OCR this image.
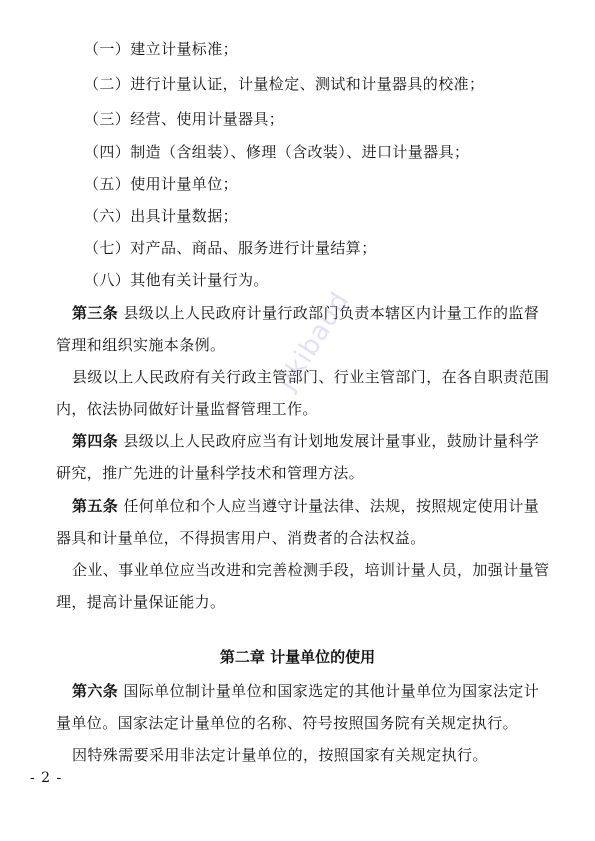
（一）建立计量标准；
（二）进行计量认证，计量检定、测试和计量器具的校准；
（三）经营、使用计量器具；
（四）制造（含组装）、修理（含改装）、进口计量器具；
（五）使用计量单位；
（六）出具计量数据；
（七）对产品、商品、服务进行计量结算；
（八）其他有关计量行为。
第三条 县级以上人民政府计量行政部门负责本辖区内计量工作的监督
管理和组织实施本条例。
县级以上人民政府有关行政主管部门、行业主管部门，在各自职责范围
内，依法协同做好计量监督管理工作。
第四条 县级以上人民政府应当有计划地发展计量事业，鼓励计量科学
研究，推广先进的计量科学技术和管理方法。
第五条 任何单位和个人应当遵守计量法律、法规，按照规定使用计量
器具和计量单位，不得损害用户、消费者的合法权益。
企业、事业单位应当改进和完善检测手段，培训计量人员，加强计量管
理，提高计量保证能力。
第二章 计量单位的使用
第六条 国际单位制计量单位和国家选定的其他计量单位为国家法定计
量单位。国家法定计量单位的名称、符号按照国务院有关规定执行。
因特殊需要采用非法定计量单位的，按照国家有关规定执行。
- 2 -
jikibaud
